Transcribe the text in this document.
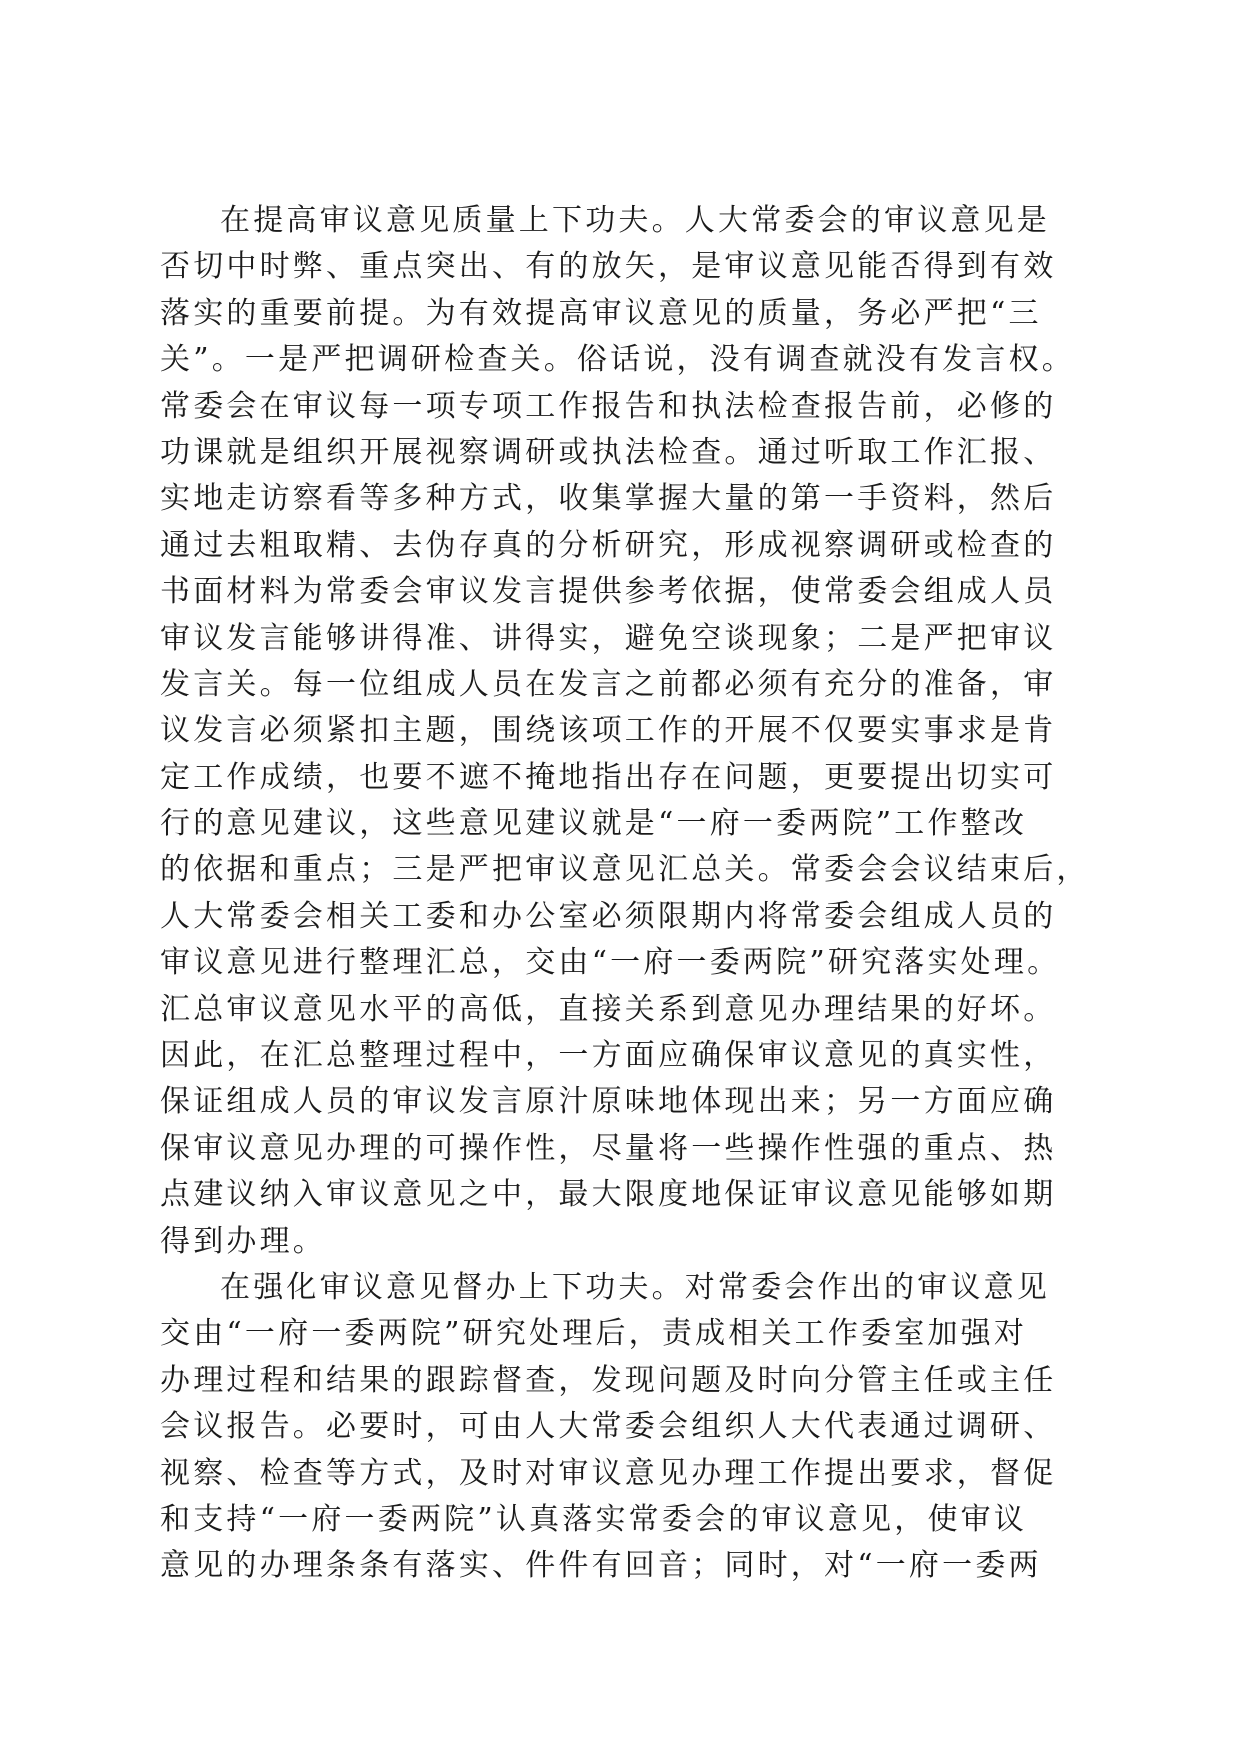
在提高审议意见质量上下功夫。人大常委会的审议意见是
否切中时弊、重点突出、有的放矢，是审议意见能否得到有效
落实的重要前提。为有效提高审议意见的质量，务必严把“三
关”。一是严把调研检查关。俗话说，没有调查就没有发言权。
常委会在审议每一项专项工作报告和执法检查报告前，必修的
功课就是组织开展视察调研或执法检查。通过听取工作汇报、
实地走访察看等多种方式，收集掌握大量的第一手资料，然后
通过去粗取精、去伪存真的分析研究，形成视察调研或检查的
书面材料为常委会审议发言提供参考依据，使常委会组成人员
审议发言能够讲得准、讲得实，避免空谈现象；二是严把审议
发言关。每一位组成人员在发言之前都必须有充分的准备，审
议发言必须紧扣主题，围绕该项工作的开展不仅要实事求是肯
定工作成绩，也要不遮不掩地指出存在问题，更要提出切实可
行的意见建议，这些意见建议就是“一府一委两院”工作整改
的依据和重点；三是严把审议意见汇总关。常委会会议结束后，
人大常委会相关工委和办公室必须限期内将常委会组成人员的
审议意见进行整理汇总，交由“一府一委两院”研究落实处理。
汇总审议意见水平的高低，直接关系到意见办理结果的好坏。
因此，在汇总整理过程中，一方面应确保审议意见的真实性，
保证组成人员的审议发言原汁原味地体现出来；另一方面应确
保审议意见办理的可操作性，尽量将一些操作性强的重点、热
点建议纳入审议意见之中，最大限度地保证审议意见能够如期
得到办理。
在强化审议意见督办上下功夫。对常委会作出的审议意见
交由“一府一委两院”研究处理后，责成相关工作委室加强对
办理过程和结果的跟踪督查，发现问题及时向分管主任或主任
会议报告。必要时，可由人大常委会组织人大代表通过调研、
视察、检查等方式，及时对审议意见办理工作提出要求，督促
和支持“一府一委两院”认真落实常委会的审议意见，使审议
意见的办理条条有落实、件件有回音；同时，对“一府一委两
